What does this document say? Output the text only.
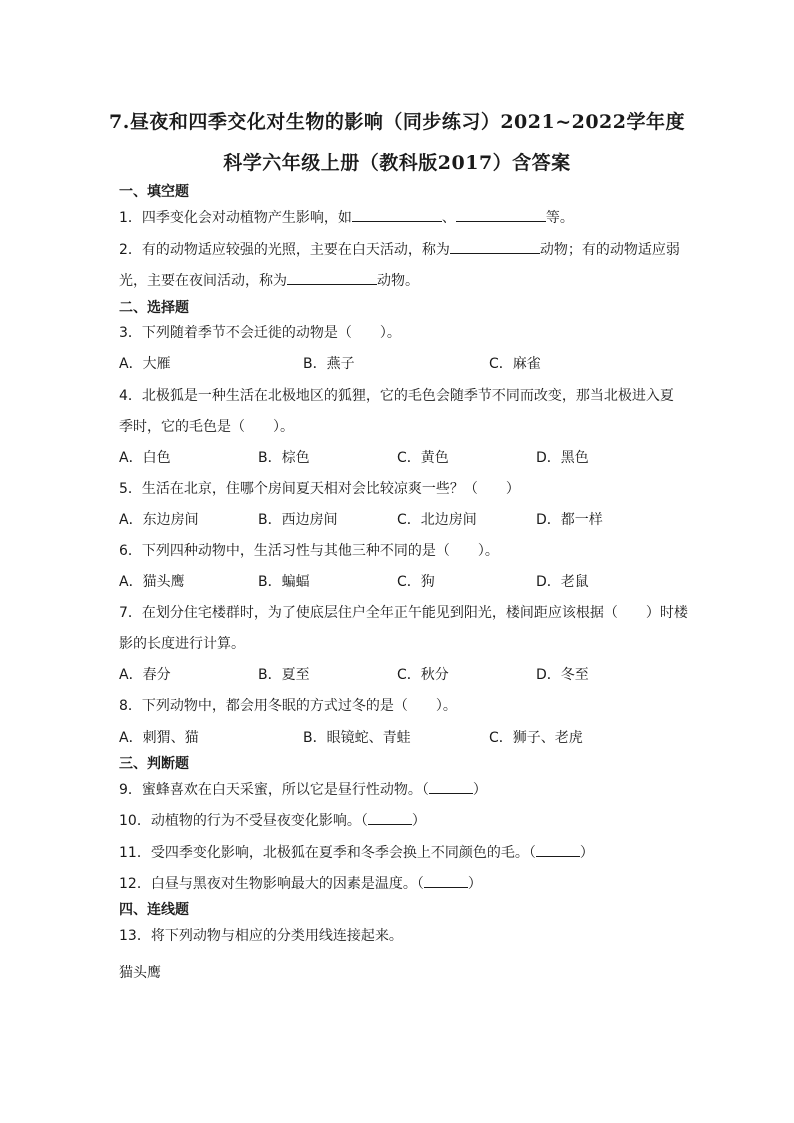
7.昼夜和四季交化对生物的影响（同步练习）2021~2022学年度
科学六年级上册（教科版2017）含答案
一、填空题
1．四季变化会对动植物产生影响，如	、	等。
2．有的动物适应较强的光照，主要在白天活动，称为	动物；有的动物适应弱
光，主要在夜间活动，称为	动物。
二、选择题
3．下列随着季节不会迁徙的动物是（　　）。
A．大雁	B．燕子	C．麻雀
4．北极狐是一种生活在北极地区的狐狸，它的毛色会随季节不同而改变，那当北极进入夏
季时，它的毛色是（　　）。
A．白色	B．棕色	C．黄色	D．黑色
5．生活在北京，住哪个房间夏天相对会比较凉爽一些？（　　）
A．东边房间	B．西边房间	C．北边房间	D．都一样
6．下列四种动物中，生活习性与其他三种不同的是（　　）。
A．猫头鹰	B．蝙蝠	C．狗	D．老鼠
7．在划分住宅楼群时，为了使底层住户全年正午能见到阳光，楼间距应该根据（　　）时楼
影的长度进行计算。
A．春分	B．夏至	C．秋分	D．冬至
8．下列动物中，都会用冬眠的方式过冬的是（　　）。
A．刺猬、猫	B．眼镜蛇、青蛙	C．狮子、老虎
三、判断题
9．蜜蜂喜欢在白天采蜜，所以它是昼行性动物。（	）
10．动植物的行为不受昼夜变化影响。（	）
11．受四季变化影响，北极狐在夏季和冬季会换上不同颜色的毛。（	）
12．白昼与黑夜对生物影响最大的因素是温度。（	）
四、连线题
13．将下列动物与相应的分类用线连接起来。
猫头鹰
